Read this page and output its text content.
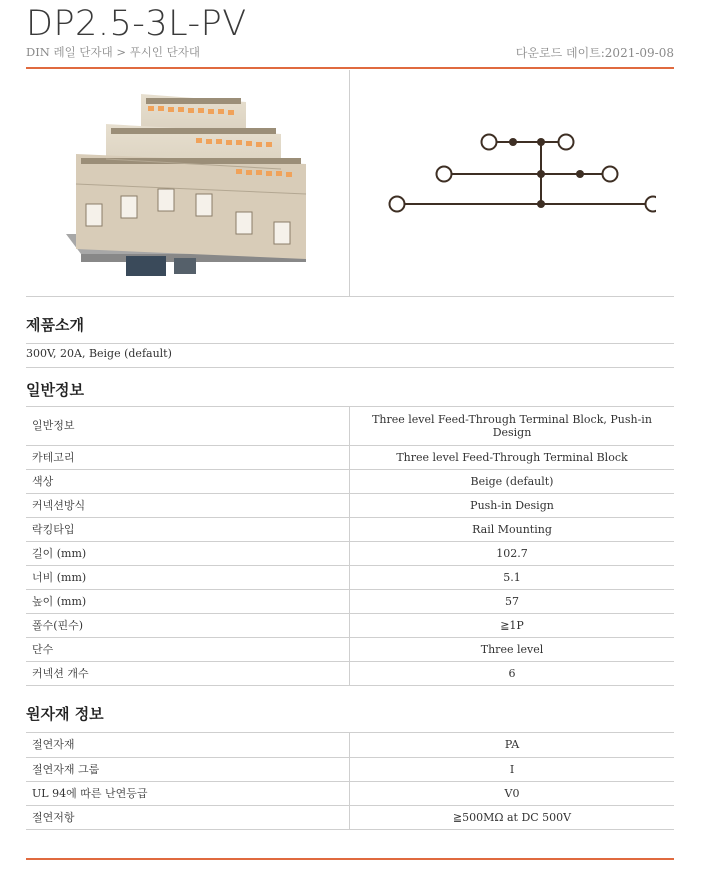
DP2.5-3L-PV
DIN 레일 단자대 > 푸시인 단자대	다운로드 데이트:2021-09-08
제품소개
300V, 20A, Beige (default)
일반정보
일반정보	Three level Feed-Through Terminal Block, Push-in Design
카테고리	Three level Feed-Through Terminal Block
색상	Beige (default)
커넥션방식	Push-in Design
락킹타입	Rail Mounting
길이 (mm)	102.7
너비 (mm)	5.1
높이 (mm)	57
폴수(핀수)	≧1P
단수	Three level
커넥션 개수	6
원자재 정보
절연자재	PA
절연자재 그룹	I
UL 94에 따른 난연등급	V0
절연저항	≧500MΩ at DC 500V
